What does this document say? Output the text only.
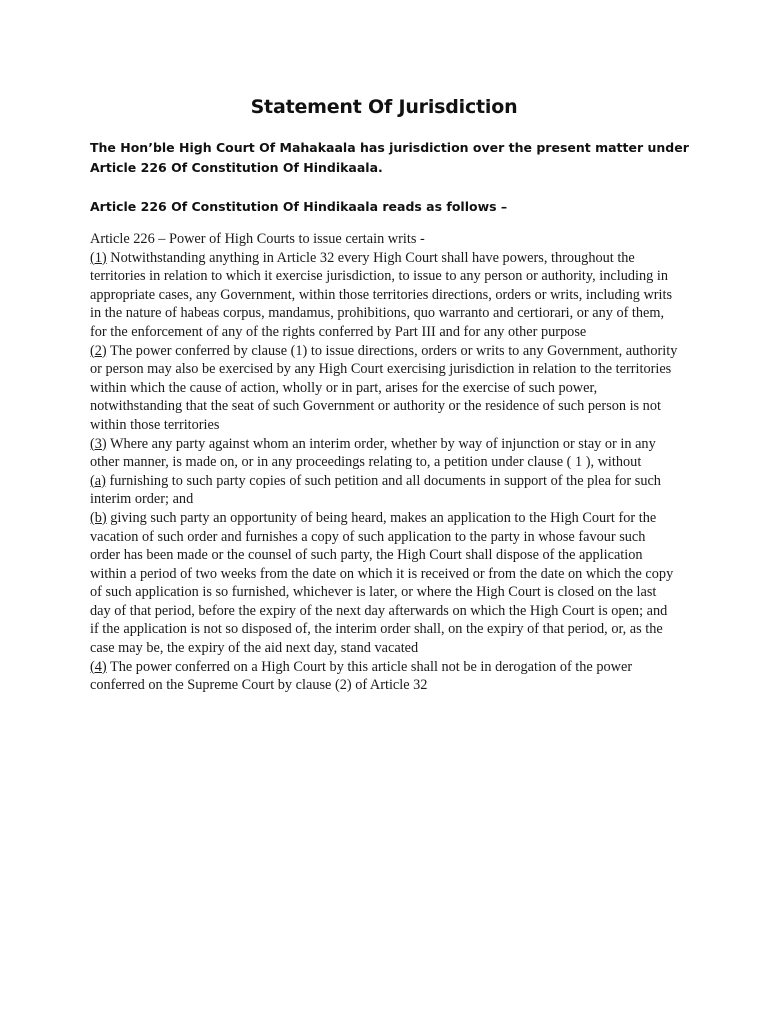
Statement Of Jurisdiction

The Hon’ble High Court Of Mahakaala has jurisdiction over the present matter under Article 226 Of Constitution Of Hindikaala.

Article 226 Of Constitution Of Hindikaala reads as follows –
Article 226 – Power of High Courts to issue certain writs -
(1) Notwithstanding anything in Article 32 every High Court shall have powers, throughout the territories in relation to which it exercise jurisdiction, to issue to any person or authority, including in appropriate cases, any Government, within those territories directions, orders or writs, including writs in the nature of habeas corpus, mandamus, prohibitions, quo warranto and certiorari, or any of them, for the enforcement of any of the rights conferred by Part III and for any other purpose
(2) The power conferred by clause (1) to issue directions, orders or writs to any Government, authority or person may also be exercised by any High Court exercising jurisdiction in relation to the territories within which the cause of action, wholly or in part, arises for the exercise of such power, notwithstanding that the seat of such Government or authority or the residence of such person is not within those territories
(3) Where any party against whom an interim order, whether by way of injunction or stay or in any other manner, is made on, or in any proceedings relating to, a petition under clause ( 1 ), without
(a) furnishing to such party copies of such petition and all documents in support of the plea for such interim order; and
(b) giving such party an opportunity of being heard, makes an application to the High Court for the vacation of such order and furnishes a copy of such application to the party in whose favour such order has been made or the counsel of such party, the High Court shall dispose of the application within a period of two weeks from the date on which it is received or from the date on which the copy of such application is so furnished, whichever is later, or where the High Court is closed on the last day of that period, before the expiry of the next day afterwards on which the High Court is open; and if the application is not so disposed of, the interim order shall, on the expiry of that period, or, as the case may be, the expiry of the aid next day, stand vacated
(4) The power conferred on a High Court by this article shall not be in derogation of the power conferred on the Supreme Court by clause (2) of Article 32
